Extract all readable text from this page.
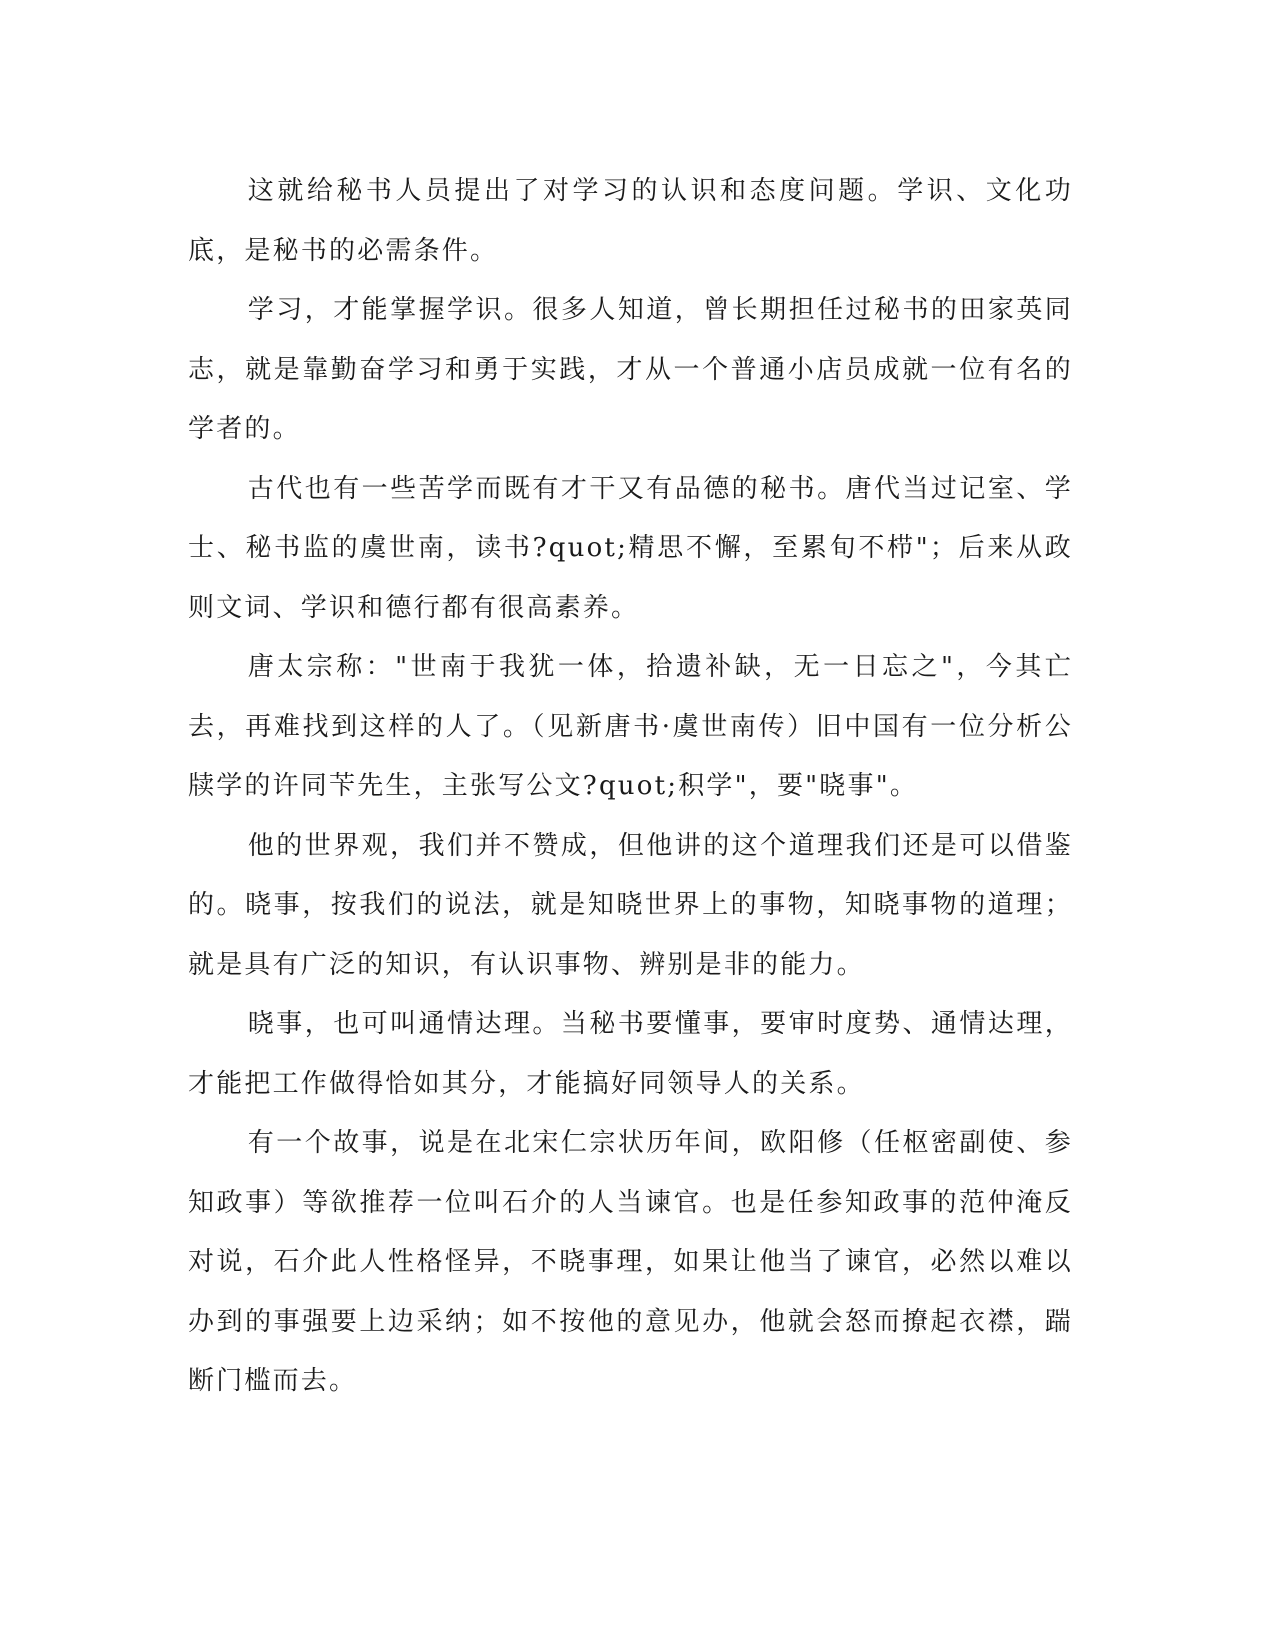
这就给秘书人员提出了对学习的认识和态度问题。学识、文化功底，是秘书的必需条件。

学习，才能掌握学识。很多人知道，曾长期担任过秘书的田家英同志，就是靠勤奋学习和勇于实践，才从一个普通小店员成就一位有名的学者的。

古代也有一些苦学而既有才干又有品德的秘书。唐代当过记室、学士、秘书监的虞世南，读书?quot;精思不懈，至累旬不栉"；后来从政则文词、学识和德行都有很高素养。

唐太宗称："世南于我犹一体，拾遗补缺，无一日忘之"，今其亡去，再难找到这样的人了。（见新唐书·虞世南传）旧中国有一位分析公牍学的许同苄先生，主张写公文?quot;积学"，要"晓事"。

他的世界观，我们并不赞成，但他讲的这个道理我们还是可以借鉴的。晓事，按我们的说法，就是知晓世界上的事物，知晓事物的道理；就是具有广泛的知识，有认识事物、辨别是非的能力。

晓事，也可叫通情达理。当秘书要懂事，要审时度势、通情达理，才能把工作做得恰如其分，才能搞好同领导人的关系。

有一个故事，说是在北宋仁宗状历年间，欧阳修（任枢密副使、参知政事）等欲推荐一位叫石介的人当谏官。也是任参知政事的范仲淹反对说，石介此人性格怪异，不晓事理，如果让他当了谏官，必然以难以办到的事强要上边采纳；如不按他的意见办，他就会怒而撩起衣襟，踹断门槛而去。
